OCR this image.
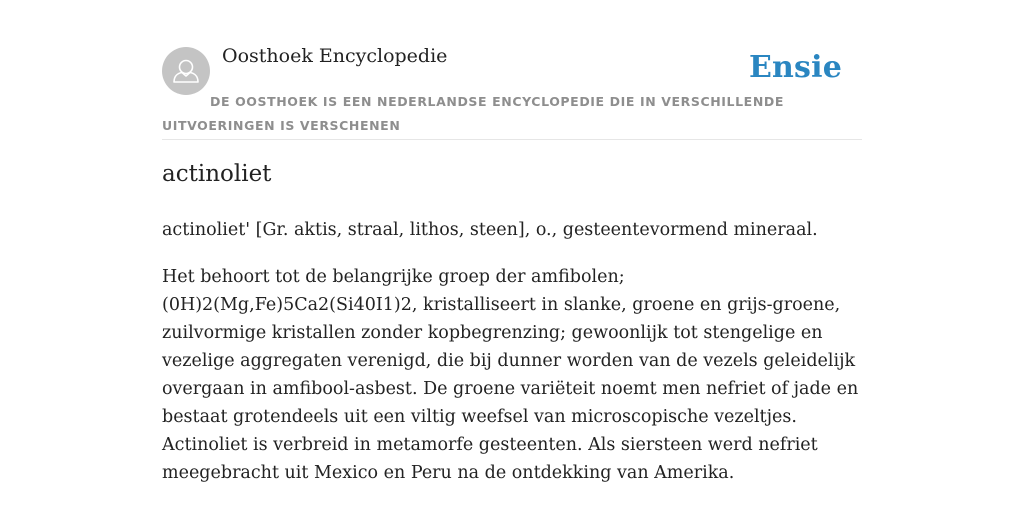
Oosthoek Encyclopedie	Ensie

DE OOSTHOEK IS EEN NEDERLANDSE ENCYCLOPEDIE DIE IN VERSCHILLENDE UITVOERINGEN IS VERSCHENEN

actinoliet

actinoliet' [Gr. aktis, straal, lithos, steen], o., gesteentevormend mineraal.

Het behoort tot de belangrijke groep der amfibolen; (0H)2(Mg,Fe)5Ca2(Si40I1)2, kristalliseert in slanke, groene en grijs-groene, zuilvormige kristallen zonder kopbegrenzing; gewoonlijk tot stengelige en vezelige aggregaten verenigd, die bij dunner worden van de vezels geleidelijk overgaan in amfibool-asbest. De groene variëteit noemt men nefriet of jade en bestaat grotendeels uit een viltig weefsel van microscopische vezeltjes. Actinoliet is verbreid in metamorfe gesteenten. Als siersteen werd nefriet meegebracht uit Mexico en Peru na de ontdekking van Amerika.
